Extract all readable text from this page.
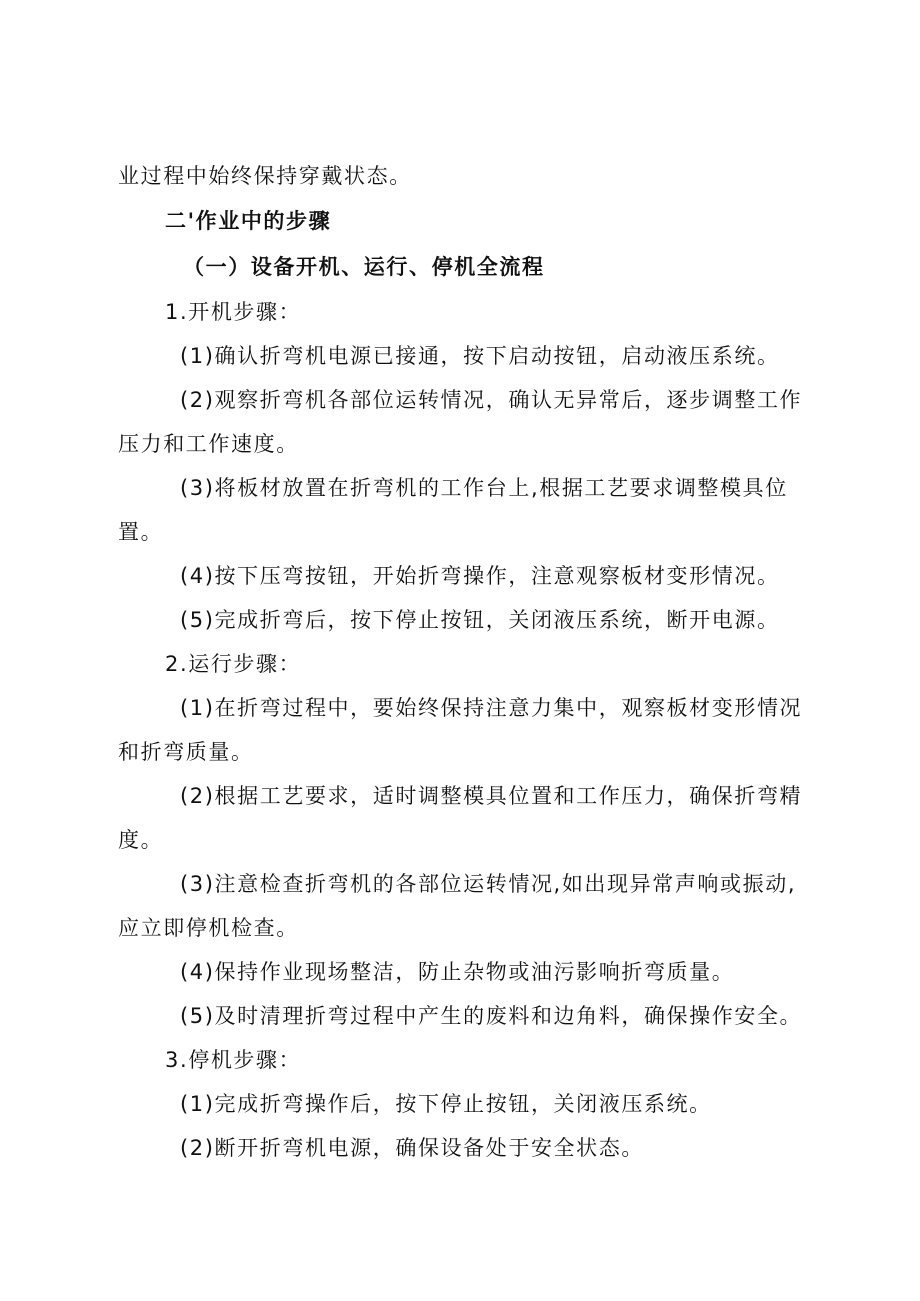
业过程中始终保持穿戴状态。
二'作业中的步骤
（一）设备开机、运行、停机全流程
1.开机步骤：
(1)确认折弯机电源已接通，按下启动按钮，启动液压系统。
(2)观察折弯机各部位运转情况，确认无异常后，逐步调整工作
压力和工作速度。
(3)将板材放置在折弯机的工作台上,根据工艺要求调整模具位
置。
(4)按下压弯按钮，开始折弯操作，注意观察板材变形情况。
(5)完成折弯后，按下停止按钮，关闭液压系统，断开电源。
2.运行步骤：
(1)在折弯过程中，要始终保持注意力集中，观察板材变形情况
和折弯质量。
(2)根据工艺要求，适时调整模具位置和工作压力，确保折弯精
度。
(3)注意检查折弯机的各部位运转情况,如出现异常声响或振动,
应立即停机检查。
(4)保持作业现场整洁，防止杂物或油污影响折弯质量。
(5)及时清理折弯过程中产生的废料和边角料，确保操作安全。
3.停机步骤：
(1)完成折弯操作后，按下停止按钮，关闭液压系统。
(2)断开折弯机电源，确保设备处于安全状态。
